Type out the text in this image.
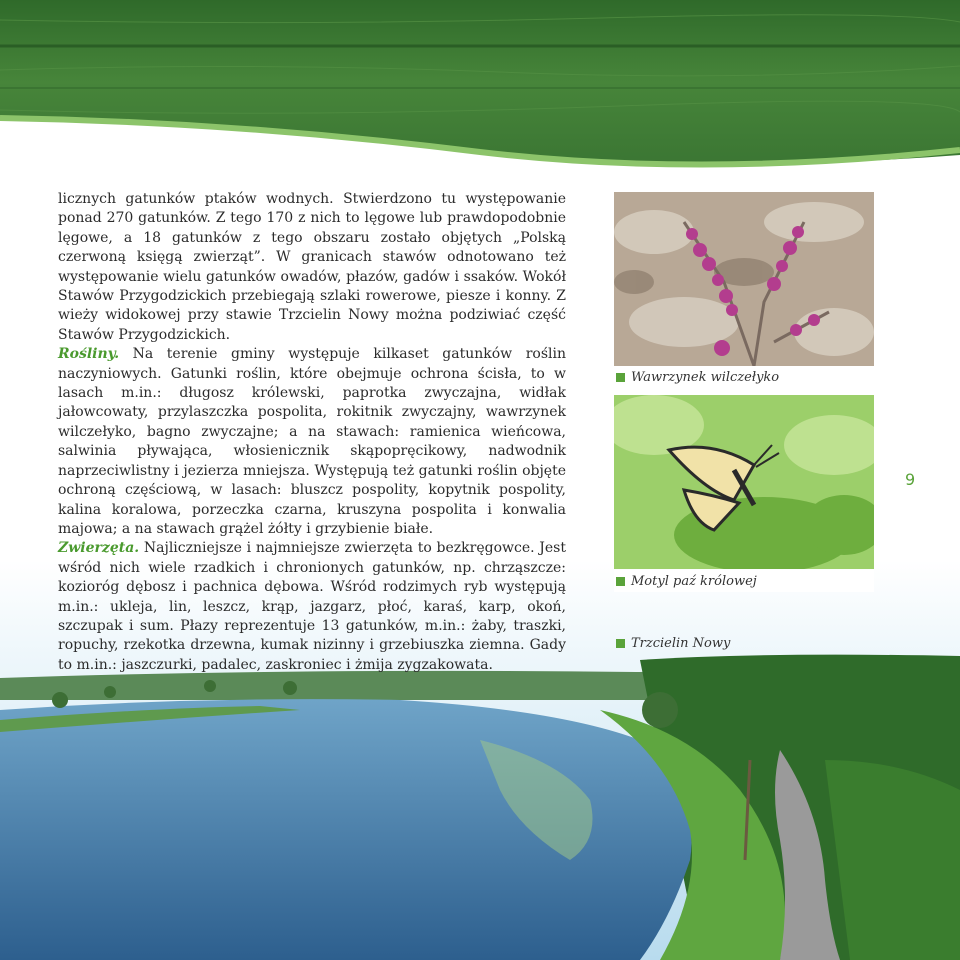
licznych gatunków ptaków wodnych. Stwierdzono tu występowanie ponad 270 gatunków. Z tego 170 z nich to lęgowe lub prawdopodobnie lęgowe, a 18 gatunków z tego obszaru zostało objętych „Polską czerwoną księgą zwierząt”. W granicach stawów odnotowano też występowanie wielu gatunków owadów, płazów, gadów i ssaków. Wokół Stawów Przygodzickich przebiegają szlaki rowerowe, piesze i konny. Z wieży widokowej przy stawie Trzcielin Nowy można podziwiać część Stawów Przygodzickich.

Rośliny. Na terenie gminy występuje kilkaset gatunków roślin naczyniowych. Gatunki roślin, które obejmuje ochrona ścisła, to w lasach m.in.: długosz królewski, paprotka zwyczajna, widłak jałowcowaty, przylaszczka pospolita, rokitnik zwyczajny, wawrzynek wilczełyko, bagno zwyczajne; a na stawach: ramienica wieńcowa, salwinia pływająca, włosienicznik skąpopręcikowy, nadwodnik naprzeciwlistny i jezierza mniejsza. Występują też gatunki roślin objęte ochroną częściową, w lasach: bluszcz pospolity, kopytnik pospolity, kalina koralowa, porzeczka czarna, kruszyna pospolita i konwalia majowa; a na stawach grążel żółty i grzybienie białe.

Zwierzęta. Najliczniejsze i najmniejsze zwierzęta to bezkręgowce. Jest wśród nich wiele rzadkich i chronionych gatunków, np. chrząszcze: kozioróg dębosz i pachnica dębowa. Wśród rodzimych ryb występują m.in.: ukleja, lin, leszcz, krąp, jazgarz, płoć, karaś, karp, okoń, szczupak i sum. Płazy reprezentuje 13 gatunków, m.in.: żaby, traszki, ropuchy, rzekotka drzewna, kumak nizinny i grzebiuszka ziemna. Gady to m.in.: jaszczurki, padalec, zaskroniec i żmija zygzakowata.

Wawrzynek wilczełyko
Motyl paź królowej
Trzcielin Nowy
9
